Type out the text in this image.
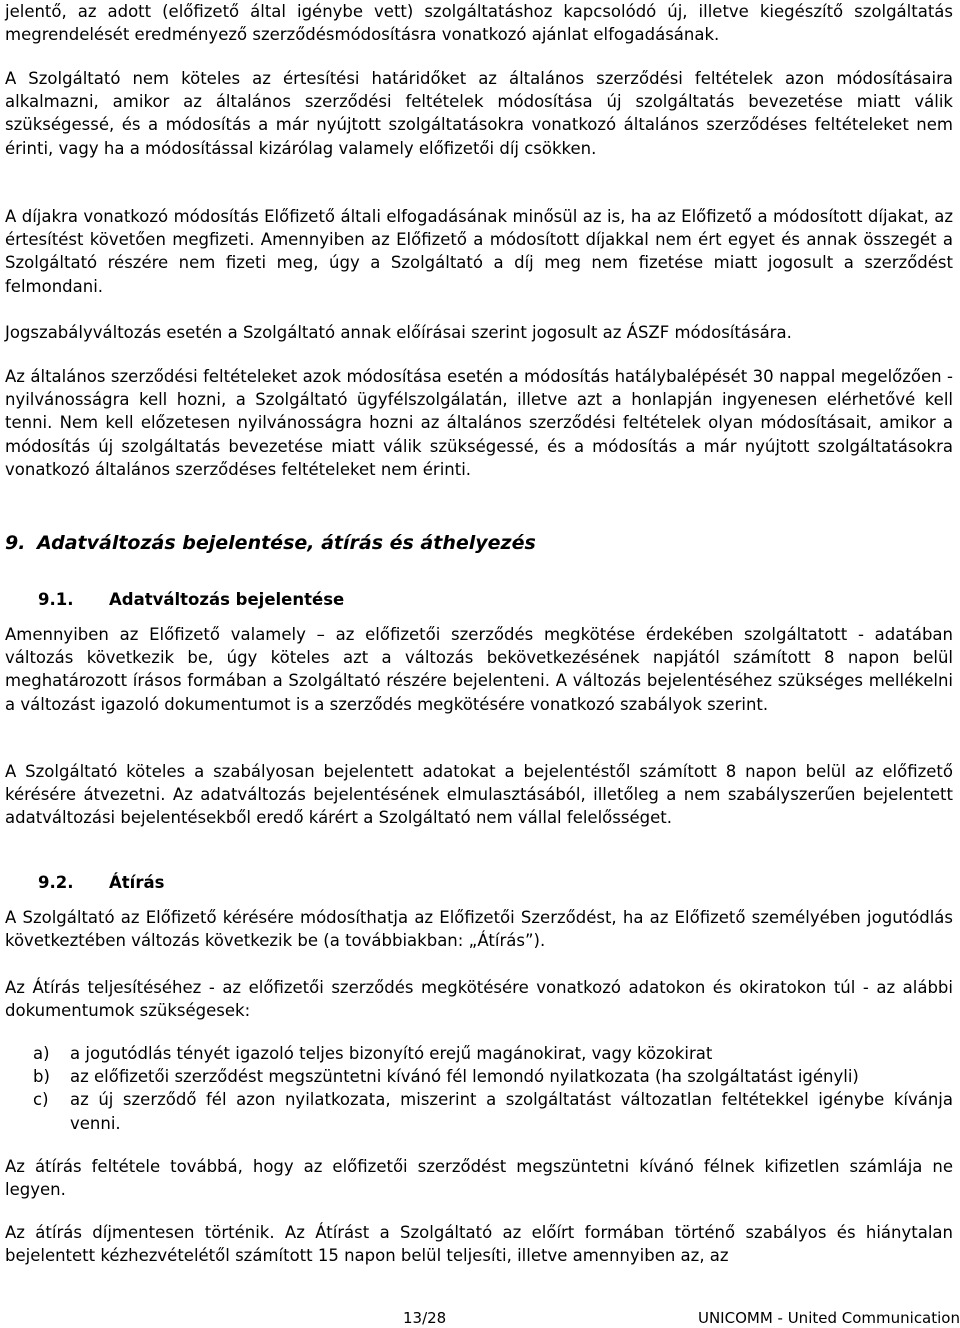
jelentő, az adott (előfizető által igénybe vett) szolgáltatáshoz kapcsolódó új, illetve kiegészítő szolgáltatás megrendelését eredményező szerződésmódosításra vonatkozó ajánlat elfogadásának.

A Szolgáltató nem köteles az értesítési határidőket az általános szerződési feltételek azon módosításaira alkalmazni, amikor az általános szerződési feltételek módosítása új szolgáltatás bevezetése miatt válik szükségessé, és a módosítás a már nyújtott szolgáltatásokra vonatkozó általános szerződéses feltételeket nem érinti, vagy ha a módosítással kizárólag valamely előfizetői díj csökken.

A díjakra vonatkozó módosítás Előfizető általi elfogadásának minősül az is, ha az Előfizető a módosított díjakat, az értesítést követően megfizeti. Amennyiben az Előfizető a módosított díjakkal nem ért egyet és annak összegét a Szolgáltató részére nem fizeti meg, úgy a Szolgáltató a díj meg nem fizetése miatt jogosult a szerződést felmondani.

Jogszabályváltozás esetén a Szolgáltató annak előírásai szerint jogosult az ÁSZF módosítására.

Az általános szerződési feltételeket azok módosítása esetén a módosítás hatálybalépését 30 nappal megelőzően - nyilvánosságra kell hozni, a Szolgáltató ügyfélszolgálatán, illetve azt a honlapján ingyenesen elérhetővé kell tenni. Nem kell előzetesen nyilvánosságra hozni az általános szerződési feltételek olyan módosításait, amikor a módosítás új szolgáltatás bevezetése miatt válik szükségessé, és a módosítás a már nyújtott szolgáltatásokra vonatkozó általános szerződéses feltételeket nem érinti.

9. Adatváltozás bejelentése, átírás és áthelyezés
9.1. Adatváltozás bejelentése

Amennyiben az Előfizető valamely – az előfizetői szerződés megkötése érdekében szolgáltatott - adatában változás következik be, úgy köteles azt a változás bekövetkezésének napjától számított 8 napon belül meghatározott írásos formában a Szolgáltató részére bejelenteni. A változás bejelentéséhez szükséges mellékelni a változást igazoló dokumentumot is a szerződés megkötésére vonatkozó szabályok szerint.

A Szolgáltató köteles a szabályosan bejelentett adatokat a bejelentéstől számított 8 napon belül az előfizető kérésére átvezetni. Az adatváltozás bejelentésének elmulasztásából, illetőleg a nem szabályszerűen bejelentett adatváltozási bejelentésekből eredő kárért a Szolgáltató nem vállal felelősséget.

9.2. Átírás

A Szolgáltató az Előfizető kérésére módosíthatja az Előfizetői Szerződést, ha az Előfizető személyében jogutódlás következtében változás következik be (a továbbiakban: „Átírás”).

Az Átírás teljesítéséhez - az előfizetői szerződés megkötésére vonatkozó adatokon és okiratokon túl - az alábbi dokumentumok szükségesek:

a)	a jogutódlás tényét igazoló teljes bizonyító erejű magánokirat, vagy közokirat
b)	az előfizetői szerződést megszüntetni kívánó fél lemondó nyilatkozata (ha szolgáltatást igényli)
c)	az új szerződő fél azon nyilatkozata, miszerint a szolgáltatást változatlan feltétekkel igénybe kívánja venni.

Az átírás feltétele továbbá, hogy az előfizetői szerződést megszüntetni kívánó félnek kifizetlen számlája ne legyen.

Az átírás díjmentesen történik. Az Átírást a Szolgáltató az előírt formában történő szabályos és hiánytalan bejelentett kézhezvételétől számított 15 napon belül teljesíti, illetve amennyiben az, az

13/28	UNICOMM - United Communication
